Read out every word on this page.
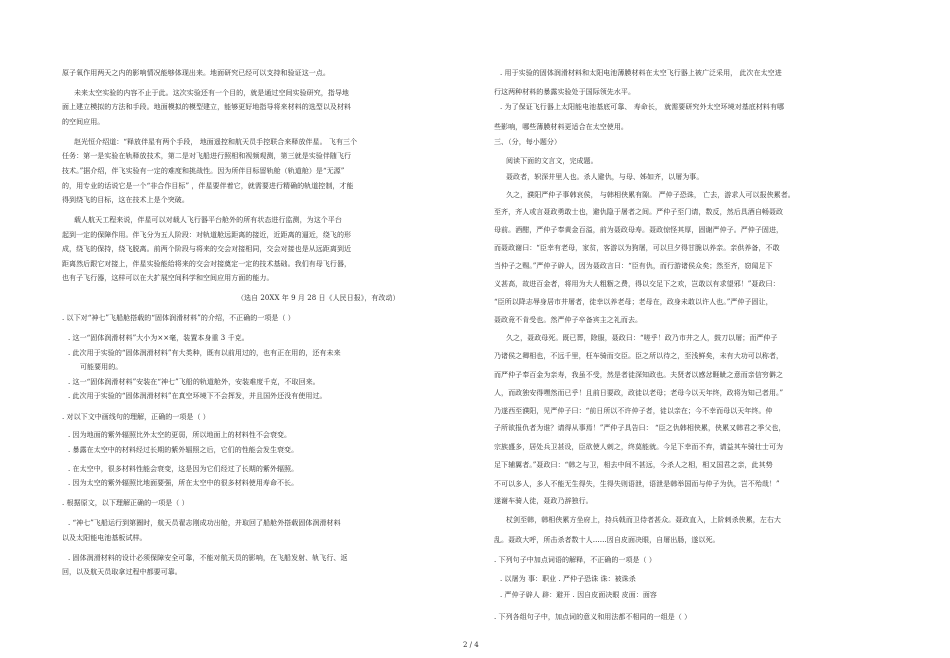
原子氧作用两天之内的影响情况能够体现出来。地面研究已经可以支持和验证这一点。
未来太空实验的内容不止于此。这次实验还有一个目的，就是通过空间实验研究，指导地
面上建立模拟的方法和手段。地面模拟的模型建立，能够更好地指导将来材料的选型以及材料
的空间应用。
赵光恒介绍道：“释放伴星有两个手段， 地面遥控和航天员手控联合来释放伴星。 飞有三个
任务：第一是实验在轨释放技术，第二是对飞船进行照相和视频观测，第三就是实验伴随飞行
技术。”据介绍，伴飞实验有一定的难度和挑战性。因为所伴目标留轨舱（轨道舱）是“无源”
的，用专业的话说它是一个“非合作目标” ，伴星要伴着它，就需要进行精确的轨道控制，才能
得到绕飞的目标，这在技术上是个突破。
载人航天工程来说，伴星可以对载人飞行器平台舱外的所有状态进行监测，为这个平台
起到一定的保障作用。伴飞分为五人阶段：对轨道舱远距离的接近，近距离的逼近，绕飞的形
成，绕飞的保持，绕飞脱离。前两个阶段与将来的交会对接相同，交会对接也是从远距离到近
距离然后跟它对接上，伴星实验能给将来的交会对接奠定一定的技术基础。我们有母飞行器，
也有子飞行器，这样可以在大扩展空间科学和空间应用方面的能力。
（选自 20XX 年 9 月 28 日《人民日报》，有改动）
. 以下对“神七”飞船舱搭载的“固体润滑材料”的介绍，不正确的一项是（ ）
. 这一“固体润滑材料”大小为××毫，装置本身重 3 千克。
. 此次用于实验的“固体润滑材料”有大类种，既有以前用过的，也有正在用的，还有未来
可能要用的。
. 这一“固体润滑材料”安装在“神七”飞船的轨道舱外，安装难度千克，不取回来。
. 此次用于实验的“固体润滑材料”在真空环境下不会挥发，并且国外还没有使用过。
. 对以下文中画线句的理解，正确的一项是（ ）
. 因为地面的紫外辐照比外太空的更弱，所以地面上的材料性不会衰变。
. 暴露在太空中的材料经过长期的紫外辐照之后，它们的性能会发生衰变。
. 在太空中，很多材料性能会衰变，这是因为它们经过了长期的紫外辐照。
. 因为太空的紫外辐照比地面要强，所在太空中的很多材料使用寿命不长。
. 根据原文，以下理解正确的一项是（ ）
. “神七”飞船运行到第圈时，航天员翟志刚成功出舱，并取回了船舱外搭载固体润滑材料
以及太阳能电池基板试样。
. 固体润滑材料的设计必须保障安全可靠，不能对航天员的影响，在飞船发射、轨飞行、返
回，以及航天员取拿过程中都要可靠。
. 用于实验的固体润滑材料和太阳电池薄膜材料在太空飞行器上被广泛采用， 此次在太空进
行这两种材料的暴露实验处于国际领先水平。
. 为了保证飞行器上太阳能电池基底可靠、 寿命长， 就需要研究外太空环境对基底材料有哪
些影响，哪些薄膜材料更适合在太空使用。
三、（分，每小题分）
阅读下面的文言文，完成题。
聂政者，轵深井里人也。杀人避仇，与母、姊如齐，以屠为事。
久之，濮阳严仲子事韩哀侯， 与韩相侠累有隙。 严仲子恐诛， 亡去，游求人可以报侠累者。
至齐，齐人或言聂政勇敢士也，避仇隐于屠者之间。严仲子至门请，数反，然后具酒自畅聂政
母前。酒酣，严仲子奉黄金百溢，前为聂政母寿。聂政惊怪其厚，固谢严仲子。严仲子固进，
而聂政谢曰：“臣幸有老母，家贫，客游以为狗屠，可以旦夕得甘脆以养亲。亲供养备，不敢
当仲子之赐。”严仲子辟人，因为聂政言曰：“臣有仇，而行游诸侯众矣；然至齐，窃闻足下
义甚高，故进百金者，将用为大人粗粝之费，得以交足下之欢，岂敢以有求望邪！”聂政曰：
“臣所以降志辱身居市井屠者，徒幸以养老母；老母在，政身未敢以许人也。”严仲子固让，
聂政竟不肯受也。然严仲子卒备宾主之礼而去。
久之，聂政母死。既已葬，除服，聂政曰：“嗟乎！政乃市井之人，鼓刀以屠；而严仲子
乃诸侯之卿相也，不远千里，枉车骑而交臣。臣之所以待之，至浅鲜矣，未有大功可以称者，
而严仲子奉百金为亲寿，我虽不受，然是者徒深知政也。夫贤者以感忿睚眦之意而亲信穷僻之
人，而政独安得嘿然而已乎！且前日要政，政徒以老母；老母今以天年终，政将为知己者用。”
乃遂西至濮阳，见严仲子曰：“前日所以不许仲子者，徒以亲在；今不幸而母以天年终。仲
子所欲报仇者为谁？请得从事焉！”严仲子具告曰： “臣之仇韩相侠累，侠累又韩君之季父也，
宗族盛多，居处兵卫甚设，臣欲使人刺之，终莫能就。今足下幸而不弃，请益其车骑壮士可为
足下辅翼者。”聂政曰：“韩之与卫，相去中间不甚远，今杀人之相，相又国君之亲，此其势
不可以多人，多人不能无生得失，生得失则语泄，语泄是韩举国而与仲子为仇，岂不殆哉！”
遂谢车骑人徒，聂政乃辞独行。
杖剑至韩，韩相侠累方坐府上，持兵戟而卫侍者甚众。聂政直入，上阶刺杀侠累，左右大
乱。聂政大呼，所击杀者数十人……因自皮面决眼，自屠出肠，遂以死。
. 下列句子中加点词语的解释，不正确的一项是（ ）
. 以屠为 事：职业 . 严仲子恐诛 诛：被诛杀
. 严仲子辟人 辟：避开 . 因自皮面决眼 皮面：面容
. 下列各组句子中，加点词的意义和用法都不相同的一组是（ ）
2 / 4
